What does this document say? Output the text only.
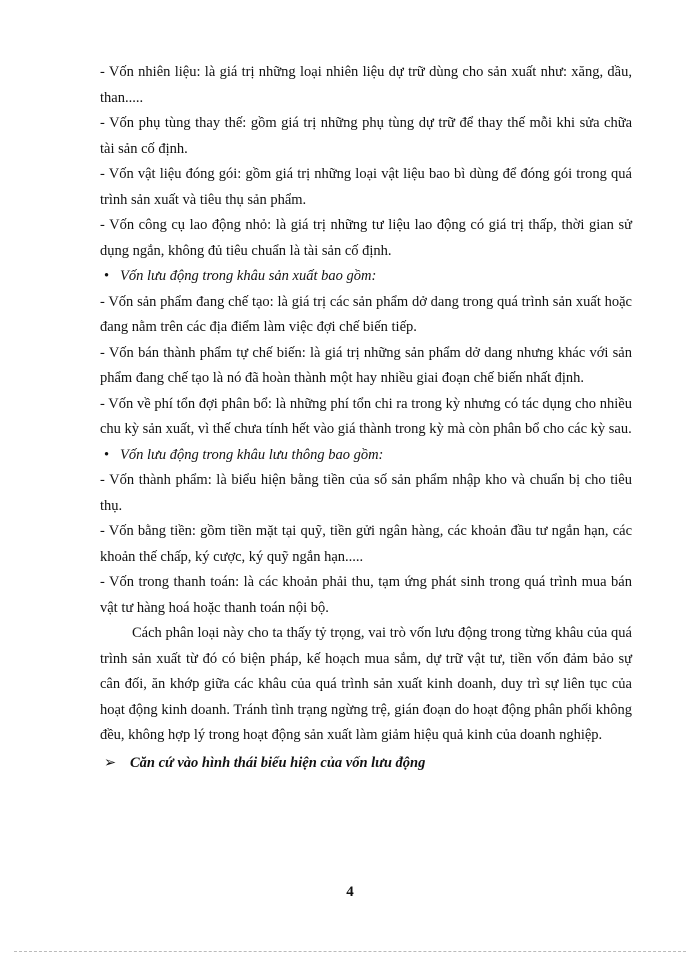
- Vốn nhiên liệu: là giá trị những loại nhiên liệu dự trữ dùng cho sản xuất như: xăng, dầu, than.....

- Vốn phụ tùng thay thế: gồm giá trị những phụ tùng dự trữ để thay thế mỗi khi sửa chữa tài sản cố định.

- Vốn vật liệu đóng gói: gồm giá trị những loại vật liệu bao bì dùng để đóng gói trong quá trình sản xuất và tiêu thụ sản phẩm.

- Vốn công cụ lao động nhỏ: là giá trị những tư liệu lao động có giá trị thấp, thời gian sử dụng ngắn, không đủ tiêu chuẩn là tài sản cố định.

• Vốn lưu động trong khâu sản xuất bao gồm:

- Vốn sản phẩm đang chế tạo: là giá trị các sản phẩm dở dang trong quá trình sản xuất hoặc đang nằm trên các địa điểm làm việc đợi chế biến tiếp.

- Vốn bán thành phẩm tự chế biến: là giá trị những sản phẩm dở dang nhưng khác với sản phẩm đang chế tạo là nó đã hoàn thành một hay nhiều giai đoạn chế biến nhất định.

- Vốn về phí tổn đợi phân bổ: là những phí tổn chi ra trong kỳ nhưng có tác dụng cho nhiều chu kỳ sản xuất, vì thế chưa tính hết vào giá thành trong kỳ mà còn phân bổ cho các kỳ sau.

• Vốn lưu động trong khâu lưu thông bao gồm:

- Vốn thành phẩm: là biểu hiện bằng tiền của số sản phẩm nhập kho và chuẩn bị cho tiêu thụ.

- Vốn bằng tiền: gồm tiền mặt tại quỹ, tiền gửi ngân hàng, các khoản đầu tư ngắn hạn, các khoản thế chấp, ký cược, ký quỹ ngắn hạn.....

- Vốn trong thanh toán: là các khoản phải thu, tạm ứng phát sinh trong quá trình mua bán vật tư hàng hoá hoặc thanh toán nội bộ.

Cách phân loại này cho ta thấy tỷ trọng, vai trò vốn lưu động trong từng khâu của quá trình sản xuất từ đó có biện pháp, kế hoạch mua sắm, dự trữ vật tư, tiền vốn đảm bảo sự cân đối, ăn khớp giữa các khâu của quá trình sản xuất kinh doanh, duy trì sự liên tục của hoạt động kinh doanh. Tránh tình trạng ngừng trệ, gián đoạn do hoạt động phân phối không đều, không hợp lý trong hoạt động sản xuất làm giảm hiệu quả kinh của doanh nghiệp.

➢ Căn cứ vào hình thái biểu hiện của vốn lưu động

4
